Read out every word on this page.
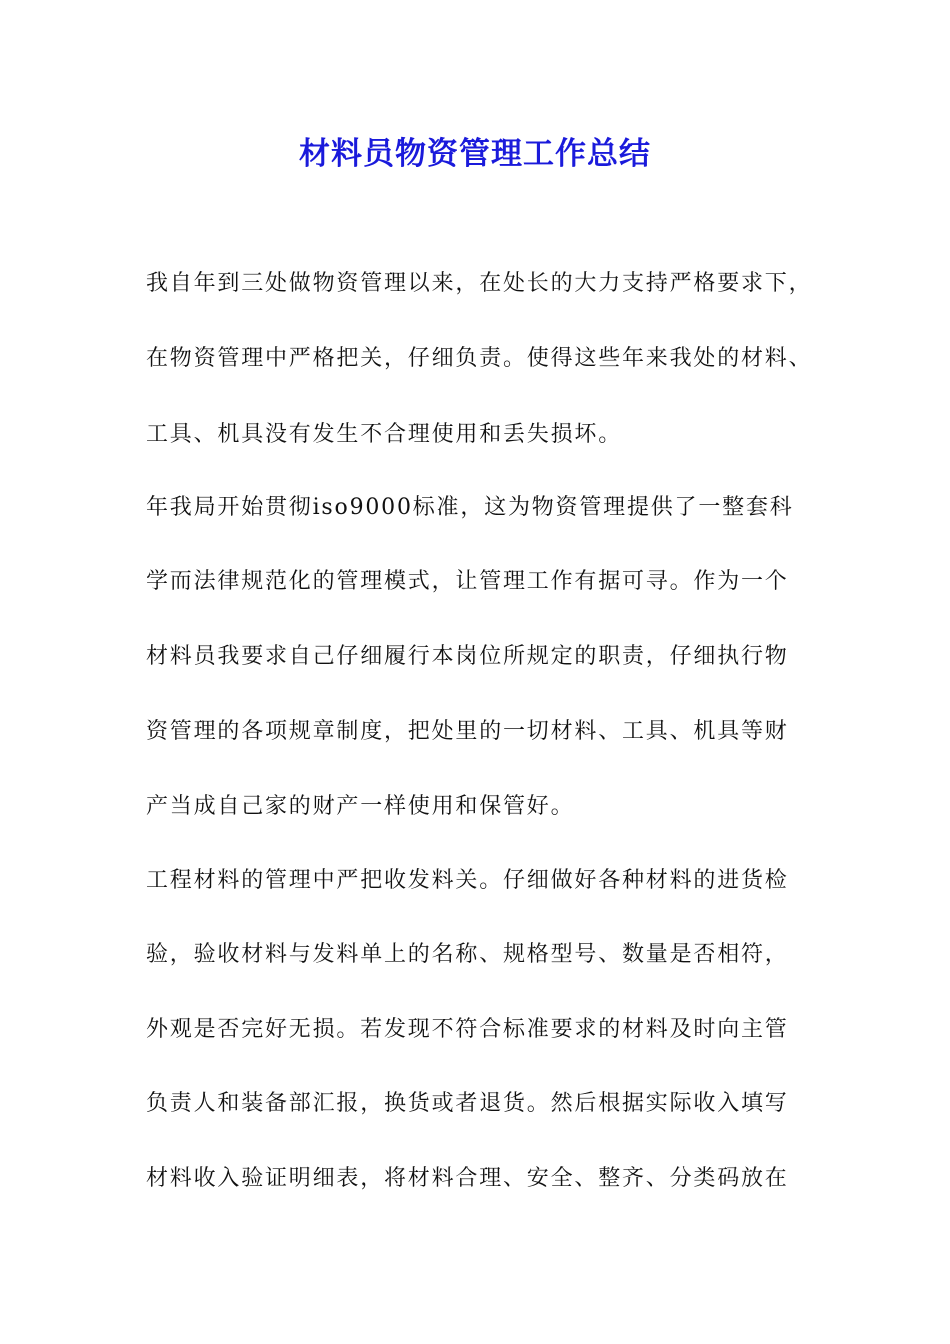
材料员物资管理工作总结
我自年到三处做物资管理以来，在处长的大力支持严格要求下，
在物资管理中严格把关，仔细负责。使得这些年来我处的材料、
工具、机具没有发生不合理使用和丢失损坏。
年我局开始贯彻iso9000标准，这为物资管理提供了一整套科
学而法律规范化的管理模式，让管理工作有据可寻。作为一个
材料员我要求自己仔细履行本岗位所规定的职责，仔细执行物
资管理的各项规章制度，把处里的一切材料、工具、机具等财
产当成自己家的财产一样使用和保管好。
工程材料的管理中严把收发料关。仔细做好各种材料的进货检
验，验收材料与发料单上的名称、规格型号、数量是否相符，
外观是否完好无损。若发现不符合标准要求的材料及时向主管
负责人和装备部汇报，换货或者退货。然后根据实际收入填写
材料收入验证明细表，将材料合理、安全、整齐、分类码放在
